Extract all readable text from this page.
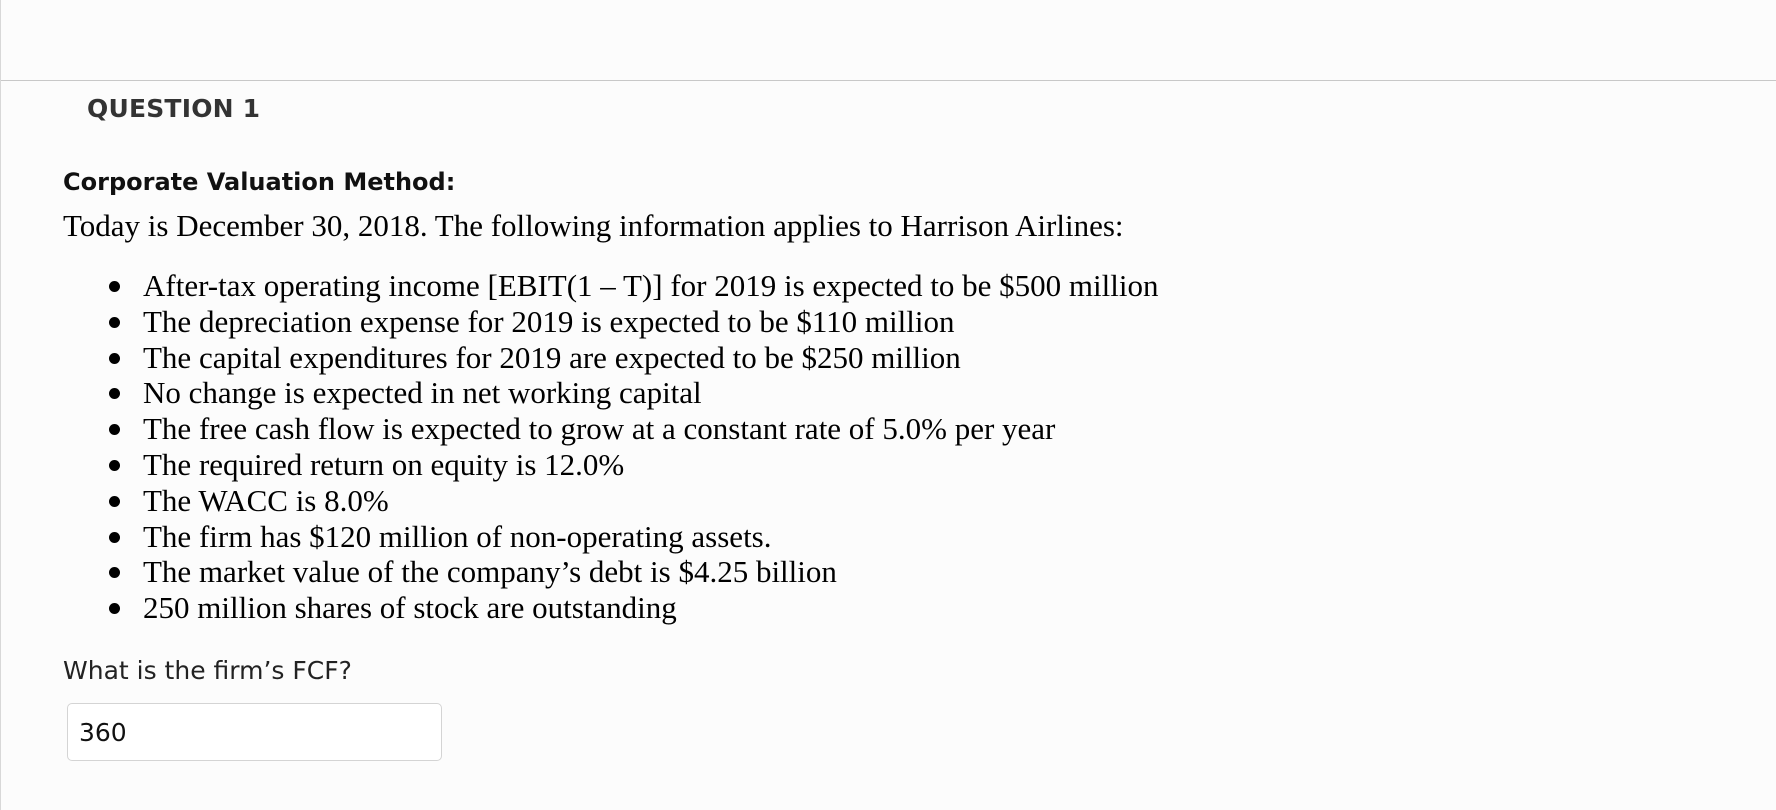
QUESTION 1
Corporate Valuation Method:

Today is December 30, 2018. The following information applies to Harrison Airlines:

After-tax operating income [EBIT(1 – T)] for 2019 is expected to be $500 million
The depreciation expense for 2019 is expected to be $110 million
The capital expenditures for 2019 are expected to be $250 million
No change is expected in net working capital
The free cash flow is expected to grow at a constant rate of 5.0% per year
The required return on equity is 12.0%
The WACC is 8.0%
The firm has $120 million of non-operating assets.
The market value of the company’s debt is $4.25 billion
250 million shares of stock are outstanding

What is the firm’s FCF?

360
